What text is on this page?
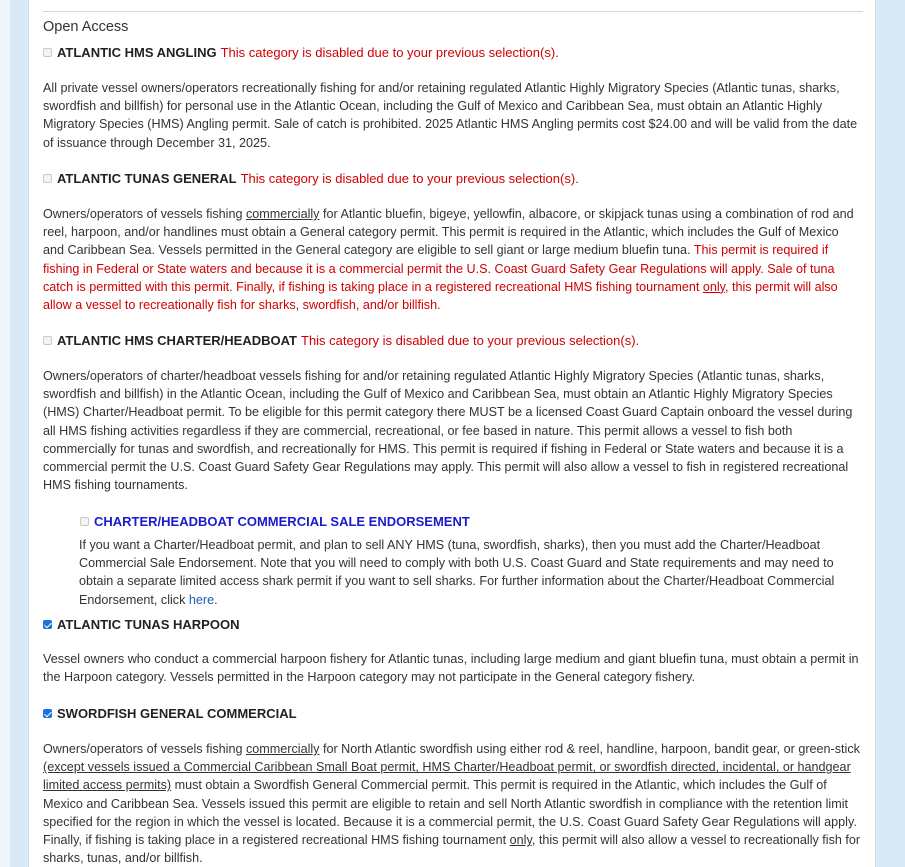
Open Access
ATLANTIC HMS ANGLING This category is disabled due to your previous selection(s).
All private vessel owners/operators recreationally fishing for and/or retaining regulated Atlantic Highly Migratory Species (Atlantic tunas, sharks, swordfish and billfish) for personal use in the Atlantic Ocean, including the Gulf of Mexico and Caribbean Sea, must obtain an Atlantic Highly Migratory Species (HMS) Angling permit. Sale of catch is prohibited. 2025 Atlantic HMS Angling permits cost $24.00 and will be valid from the date of issuance through December 31, 2025.
ATLANTIC TUNAS GENERAL This category is disabled due to your previous selection(s).
Owners/operators of vessels fishing commercially for Atlantic bluefin, bigeye, yellowfin, albacore, or skipjack tunas using a combination of rod and reel, harpoon, and/or handlines must obtain a General category permit. This permit is required in the Atlantic, which includes the Gulf of Mexico and Caribbean Sea. Vessels permitted in the General category are eligible to sell giant or large medium bluefin tuna. This permit is required if fishing in Federal or State waters and because it is a commercial permit the U.S. Coast Guard Safety Gear Regulations will apply. Sale of tuna catch is permitted with this permit. Finally, if fishing is taking place in a registered recreational HMS fishing tournament only, this permit will also allow a vessel to recreationally fish for sharks, swordfish, and/or billfish.
ATLANTIC HMS CHARTER/HEADBOAT This category is disabled due to your previous selection(s).
Owners/operators of charter/headboat vessels fishing for and/or retaining regulated Atlantic Highly Migratory Species (Atlantic tunas, sharks, swordfish and billfish) in the Atlantic Ocean, including the Gulf of Mexico and Caribbean Sea, must obtain an Atlantic Highly Migratory Species (HMS) Charter/Headboat permit. To be eligible for this permit category there MUST be a licensed Coast Guard Captain onboard the vessel during all HMS fishing activities regardless if they are commercial, recreational, or fee based in nature. This permit allows a vessel to fish both commercially for tunas and swordfish, and recreationally for HMS. This permit is required if fishing in Federal or State waters and because it is a commercial permit the U.S. Coast Guard Safety Gear Regulations may apply. This permit will also allow a vessel to fish in registered recreational HMS fishing tournaments.
CHARTER/HEADBOAT COMMERCIAL SALE ENDORSEMENT
If you want a Charter/Headboat permit, and plan to sell ANY HMS (tuna, swordfish, sharks), then you must add the Charter/Headboat Commercial Sale Endorsement. Note that you will need to comply with both U.S. Coast Guard and State requirements and may need to obtain a separate limited access shark permit if you want to sell sharks. For further information about the Charter/Headboat Commercial Endorsement, click here.
ATLANTIC TUNAS HARPOON
Vessel owners who conduct a commercial harpoon fishery for Atlantic tunas, including large medium and giant bluefin tuna, must obtain a permit in the Harpoon category. Vessels permitted in the Harpoon category may not participate in the General category fishery.
SWORDFISH GENERAL COMMERCIAL
Owners/operators of vessels fishing commercially for North Atlantic swordfish using either rod & reel, handline, harpoon, bandit gear, or green-stick (except vessels issued a Commercial Caribbean Small Boat permit, HMS Charter/Headboat permit, or swordfish directed, incidental, or handgear limited access permits) must obtain a Swordfish General Commercial permit. This permit is required in the Atlantic, which includes the Gulf of Mexico and Caribbean Sea. Vessels issued this permit are eligible to retain and sell North Atlantic swordfish in compliance with the retention limit specified for the region in which the vessel is located. Because it is a commercial permit, the U.S. Coast Guard Safety Gear Regulations will apply. Finally, if fishing is taking place in a registered recreational HMS fishing tournament only, this permit will also allow a vessel to recreationally fish for sharks, tunas, and/or billfish.
